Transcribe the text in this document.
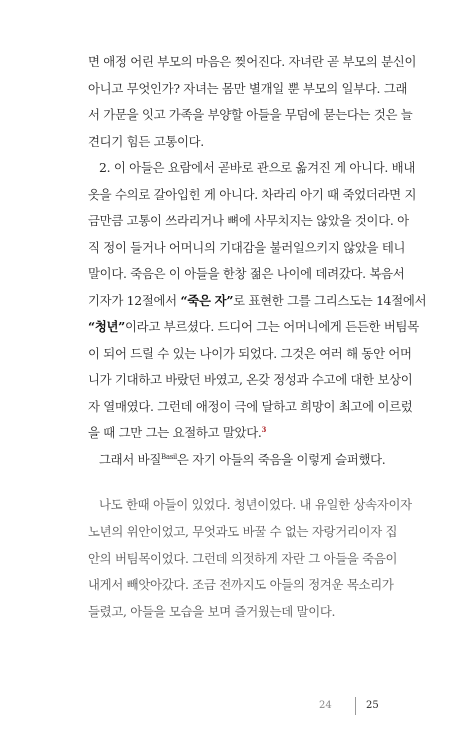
면 애정 어린 부모의 마음은 찢어진다. 자녀란 곧 부모의 분신이
아니고 무엇인가? 자녀는 몸만 별개일 뿐 부모의 일부다. 그래
서 가문을 잇고 가족을 부양할 아들을 무덤에 묻는다는 것은 늘
견디기 힘든 고통이다.
2. 이 아들은 요람에서 곧바로 관으로 옮겨진 게 아니다. 배내
옷을 수의로 갈아입힌 게 아니다. 차라리 아기 때 죽었더라면 지
금만큼 고통이 쓰라리거나 뼈에 사무치지는 않았을 것이다. 아
직 정이 들거나 어머니의 기대감을 불러일으키지 않았을 테니
말이다. 죽음은 이 아들을 한창 젊은 나이에 데려갔다. 복음서
기자가 12절에서 “죽은 자”로 표현한 그를 그리스도는 14절에서
“청년”이라고 부르셨다. 드디어 그는 어머니에게 든든한 버팀목
이 되어 드릴 수 있는 나이가 되었다. 그것은 여러 해 동안 어머
니가 기대하고 바랐던 바였고, 온갖 정성과 수고에 대한 보상이
자 열매였다. 그런데 애정이 극에 달하고 희망이 최고에 이르렀
을 때 그만 그는 요절하고 말았다.$^3$
그래서 바질$^{Basil}$은 자기 아들의 죽음을 이렇게 슬퍼했다.
나도 한때 아들이 있었다. 청년이었다. 내 유일한 상속자이자
노년의 위안이었고, 무엇과도 바꿀 수 없는 자랑거리이자 집
안의 버팀목이었다. 그런데 의젓하게 자란 그 아들을 죽음이
내게서 빼앗아갔다. 조금 전까지도 아들의 정겨운 목소리가
들렸고, 아들을 모습을 보며 즐거웠는데 말이다.
24	25
